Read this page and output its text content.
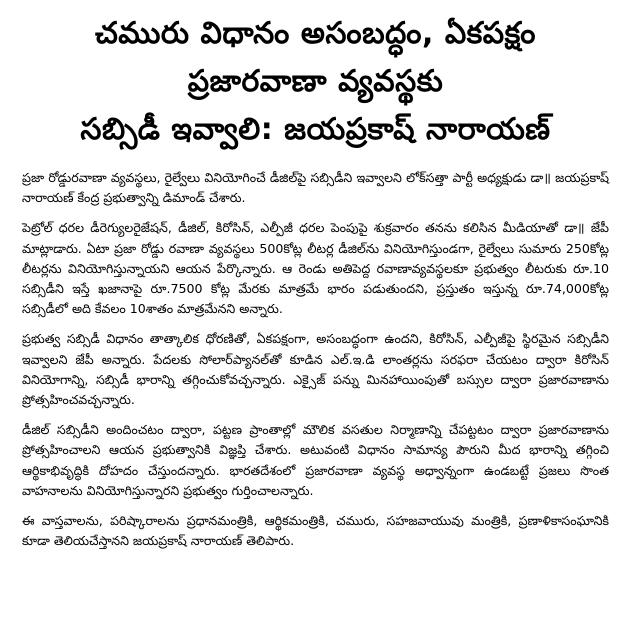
చమురు విధానం అసంబద్ధం, ఏకపక్షం
ప్రజారవాణా వ్యవస్థకు
సబ్సిడీ ఇవ్వాలి: జయప్రకాష్ నారాయణ్

ప్రజా రోడ్డురవాణా వ్యవస్థలు, రైల్వేలు వినియోగించే డీజిల్‌పై సబ్సిడీని ఇవ్వాలని లోక్‌సత్తా పార్టీ అధ్యక్షుడు డా॥ జయప్రకాష్ నారాయణ్ కేంద్ర ప్రభుత్వాన్ని డిమాండ్ చేశారు.

పెట్రోల్ ధరల డీరెగ్యులరైజేషన్, డీజిల్, కిరోసిన్, ఎల్పీజీ ధరల పెంపుపై శుక్రవారం తనను కలిసిన మీడియాతో డా॥ జేపీ మాట్లాడారు. ఏటా ప్రజా రోడ్డు రవాణా వ్యవస్థలు 500కోట్ల లీటర్ల డీజిల్‌ను వినియోగిస్తుండగా, రైల్వేలు సుమారు 250కోట్ల లీటర్లను వినియోగిస్తున్నాయని ఆయన పేర్కొన్నారు. ఆ రెండు అతిపెద్ద రవాణావ్యవస్థలకూ ప్రభుత్వం లీటరుకు రూ.10 సబ్సిడీని ఇస్తే ఖజానాపై రూ.7500 కోట్ల మేరకు మాత్రమే భారం పడుతుందని, ప్రస్తుతం ఇస్తున్న రూ.74,000కోట్ల సబ్సిడీలో అది కేవలం 10శాతం మాత్రమేనని అన్నారు.

ప్రభుత్వ సబ్సిడీ విధానం తాత్కాలిక ధోరణితో, ఏకపక్షంగా, అసంబద్ధంగా ఉందని, కిరోసిన్, ఎల్పీజీపై స్థిరమైన సబ్సిడీని ఇవ్వాలని జేపీ అన్నారు. పేదలకు సోలార్‌ప్యానల్‌తో కూడిన ఎల్.ఇ.డి లాంతర్లను సరఫరా చేయటం ద్వారా కిరోసిన్ వినియోగాన్ని, సబ్సిడీ భారాన్ని తగ్గించుకోవచ్చన్నారు. ఎక్సైజ్ పన్ను మినహాయింపుతో బస్సుల ద్వారా ప్రజారవాణాను ప్రోత్సహించవచ్చన్నారు.

డీజిల్ సబ్సిడీని అందించటం ద్వారా, పట్టణ ప్రాంతాల్లో మౌలిక వసతుల నిర్మాణాన్ని చేపట్టటం ద్వారా ప్రజారవాణాను ప్రోత్సహించాలని ఆయన ప్రభుత్వానికి విజ్ఞప్తి చేశారు. అటువంటి విధానం సామాన్య పౌరుని మీద భారాన్ని తగ్గించి ఆర్థికాభివృద్ధికి దోహదం చేస్తుందన్నారు. భారతదేశంలో ప్రజారవాణా వ్యవస్థ అధ్వాన్నంగా ఉండబట్టే ప్రజలు సొంత వాహనాలను వినియోగిస్తున్నారని ప్రభుత్వం గుర్తించాలన్నారు.

ఈ వాస్తవాలను, పరిష్కారాలను ప్రధానమంత్రికి, ఆర్థికమంత్రికి, చమురు, సహజవాయువు మంత్రికి, ప్రణాళికాసంఘానికి కూడా తెలియచేస్తానని జయప్రకాష్ నారాయణ్ తెలిపారు.
